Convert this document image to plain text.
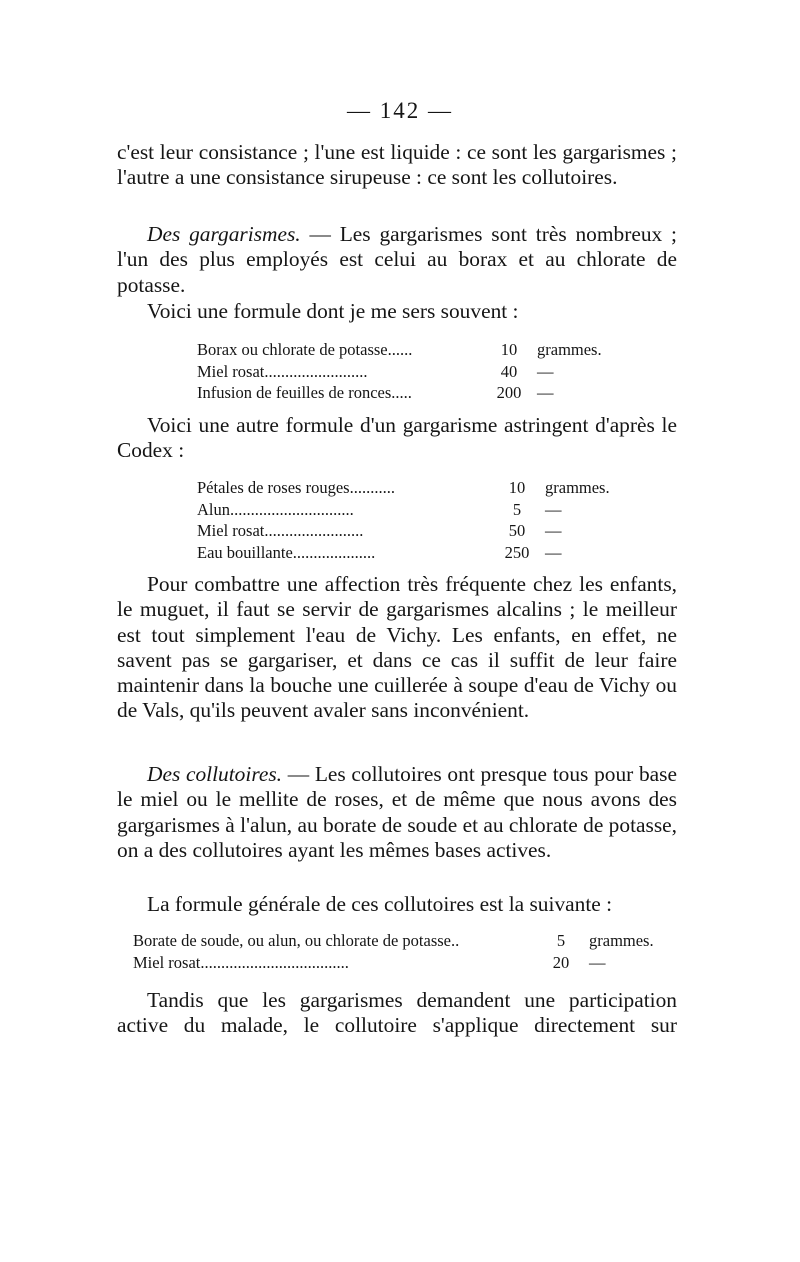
— 142 —

c'est leur consistance ; l'une est liquide : ce sont les gargarismes ; l'autre a une consistance sirupeuse : ce sont les collutoires.

Des gargarismes. — Les gargarismes sont très nombreux ; l'un des plus employés est celui au borax et au chlorate de potasse.

Voici une formule dont je me sers souvent :

Borax ou chlorate de potasse......	10	grammes.
Miel rosat.........................	40	—
Infusion de feuilles de ronces.....	200	—

Voici une autre formule d'un gargarisme astringent d'après le Codex :

Pétales de roses rouges...........	10	grammes.
Alun..............................	5	—
Miel rosat........................	50	—
Eau bouillante....................	250	—

Pour combattre une affection très fréquente chez les enfants, le muguet, il faut se servir de gargarismes alcalins ; le meilleur est tout simplement l'eau de Vichy. Les enfants, en effet, ne savent pas se gargariser, et dans ce cas il suffit de leur faire maintenir dans la bouche une cuillerée à soupe d'eau de Vichy ou de Vals, qu'ils peuvent avaler sans inconvénient.

Des collutoires. — Les collutoires ont presque tous pour base le miel ou le mellite de roses, et de même que nous avons des gargarismes à l'alun, au borate de soude et au chlorate de potasse, on a des collutoires ayant les mêmes bases actives.

La formule générale de ces collutoires est la suivante :

Borate de soude, ou alun, ou chlorate de potasse..	5	grammes.
Miel rosat....................................	20	—

Tandis que les gargarismes demandent une participation active du malade, le collutoire s'applique directement sur
